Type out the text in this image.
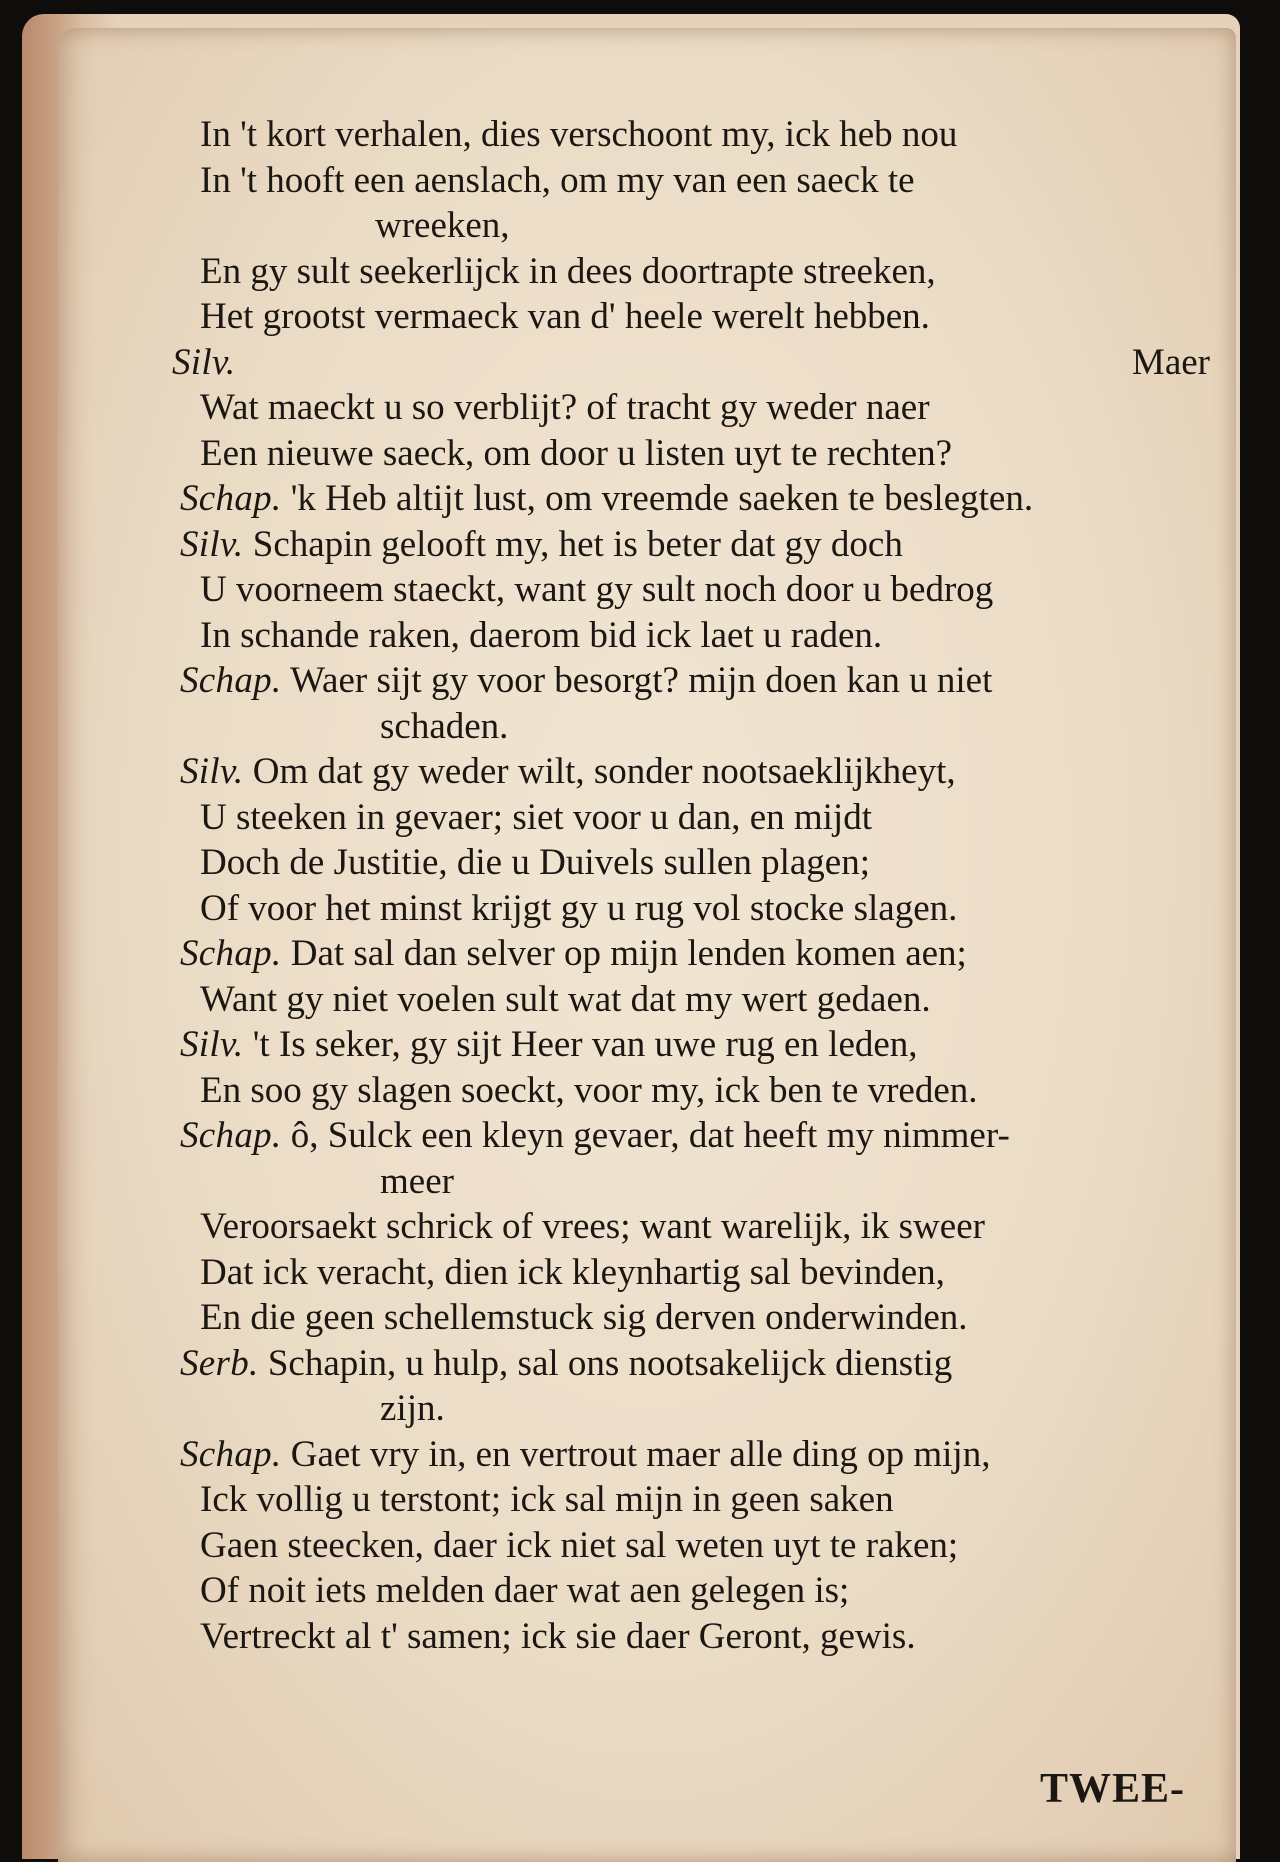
In 't kort verhalen, dies verschoont my, ick heb nou
In 't hooft een aenslach, om my van een saeck te
wreeken,
En gy sult seekerlijck in dees doortrapte streeken,
Het grootst vermaeck van d' heele werelt hebben.
Silv.	Maer
Wat maeckt u so verblijt? of tracht gy weder naer
Een nieuwe saeck, om door u listen uyt te rechten?
Schap. 'k Heb altijt lust, om vreemde saeken te beslegten.
Silv. Schapin gelooft my, het is beter dat gy doch
U voorneem staeckt, want gy sult noch door u bedrog
In schande raken, daerom bid ick laet u raden.
Schap. Waer sijt gy voor besorgt? mijn doen kan u niet
schaden.
Silv. Om dat gy weder wilt, sonder nootsaeklijkheyt,
U steeken in gevaer; siet voor u dan, en mijdt
Doch de Justitie, die u Duivels sullen plagen;
Of voor het minst krijgt gy u rug vol stocke slagen.
Schap. Dat sal dan selver op mijn lenden komen aen;
Want gy niet voelen sult wat dat my wert gedaen.
Silv. 't Is seker, gy sijt Heer van uwe rug en leden,
En soo gy slagen soeckt, voor my, ick ben te vreden.
Schap. ô, Sulck een kleyn gevaer, dat heeft my nimmer-
meer
Veroorsaekt schrick of vrees; want warelijk, ik sweer
Dat ick veracht, dien ick kleynhartig sal bevinden,
En die geen schellemstuck sig derven onderwinden.
Serb. Schapin, u hulp, sal ons nootsakelijck dienstig
zijn.
Schap. Gaet vry in, en vertrout maer alle ding op mijn,
Ick vollig u terstont; ick sal mijn in geen saken
Gaen steecken, daer ick niet sal weten uyt te raken;
Of noit iets melden daer wat aen gelegen is;
Vertreckt al t' samen; ick sie daer Geront, gewis.
TWEE-
